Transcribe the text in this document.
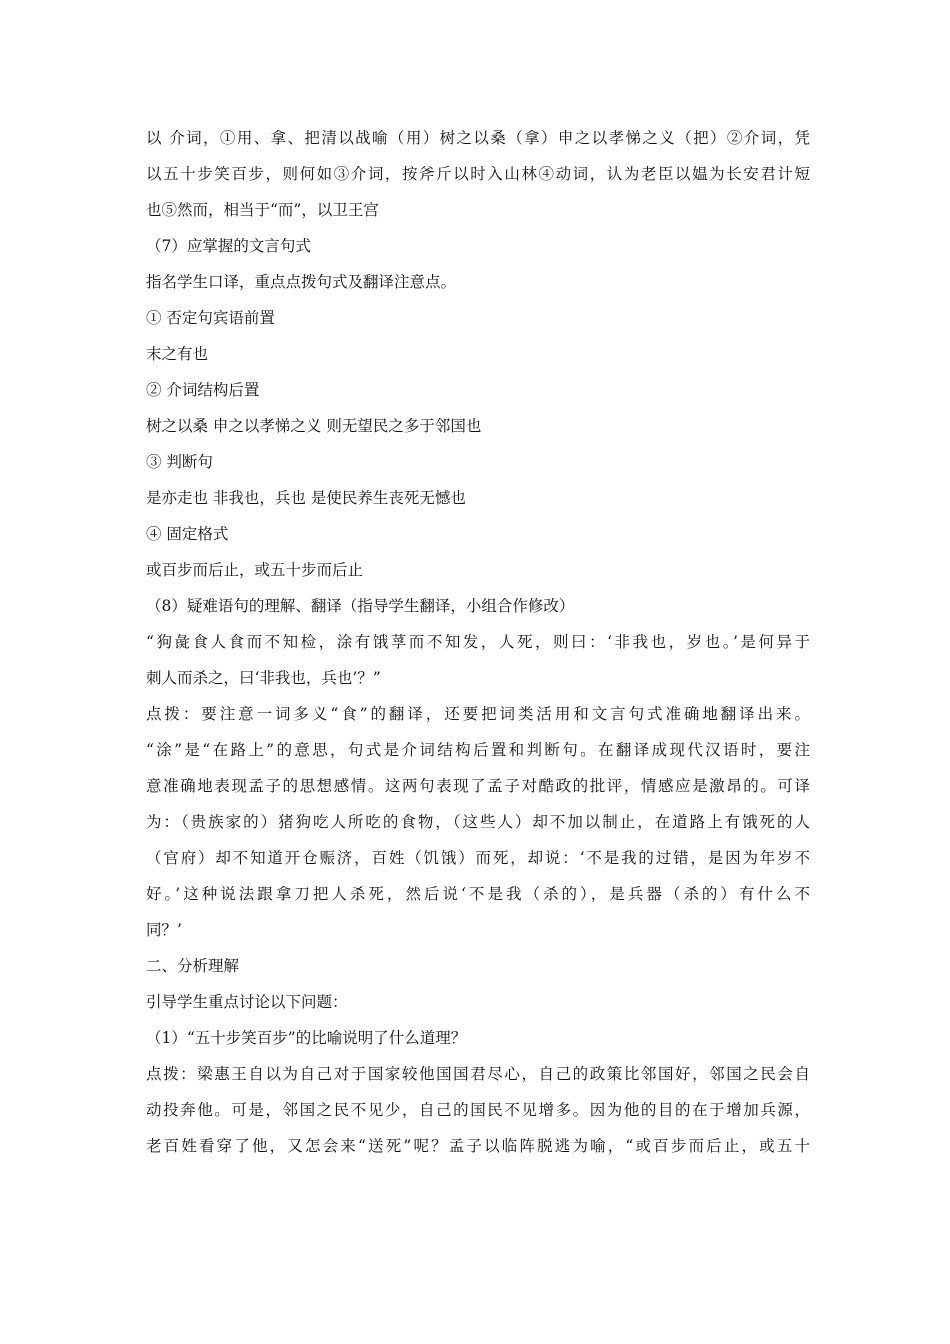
以 介词，①用、拿、把清以战喻（用）树之以桑（拿）申之以孝悌之义（把）②介词，凭
以五十步笑百步，则何如③介词，按斧斤以时入山林④动词，认为老臣以媪为长安君计短
也⑤然而，相当于“而”，以卫王宫
（7）应掌握的文言句式
指名学生口译，重点点拨句式及翻译注意点。
① 否定句宾语前置
末之有也
② 介词结构后置
树之以桑 申之以孝悌之义 则无望民之多于邻国也
③ 判断句
是亦走也 非我也，兵也 是使民养生丧死无憾也
④ 固定格式
或百步而后止，或五十步而后止
（8）疑难语句的理解、翻译（指导学生翻译，小组合作修改）
“狗彘食人食而不知检，涂有饿莩而不知发，人死，则曰：‘非我也，岁也。’是何异于
刺人而杀之，曰‘非我也，兵也’？”
点拨：要注意一词多义“食”的翻译，还要把词类活用和文言句式准确地翻译出来。
“涂”是“在路上”的意思，句式是介词结构后置和判断句。在翻译成现代汉语时，要注
意准确地表现孟子的思想感情。这两句表现了孟子对酷政的批评，情感应是激昂的。可译
为：（贵族家的）猪狗吃人所吃的食物，（这些人）却不加以制止，在道路上有饿死的人
（官府）却不知道开仓赈济，百姓（饥饿）而死，却说：‘不是我的过错，是因为年岁不
好。’这种说法跟拿刀把人杀死，然后说‘不是我（杀的），是兵器（杀的）有什么不
同？’
二、分析理解
引导学生重点讨论以下问题：
（1）“五十步笑百步”的比喻说明了什么道理？
点拨：梁惠王自以为自己对于国家较他国国君尽心，自己的政策比邻国好，邻国之民会自
动投奔他。可是，邻国之民不见少，自己的国民不见增多。因为他的目的在于增加兵源，
老百姓看穿了他，又怎会来“送死”呢？孟子以临阵脱逃为喻，“或百步而后止，或五十
